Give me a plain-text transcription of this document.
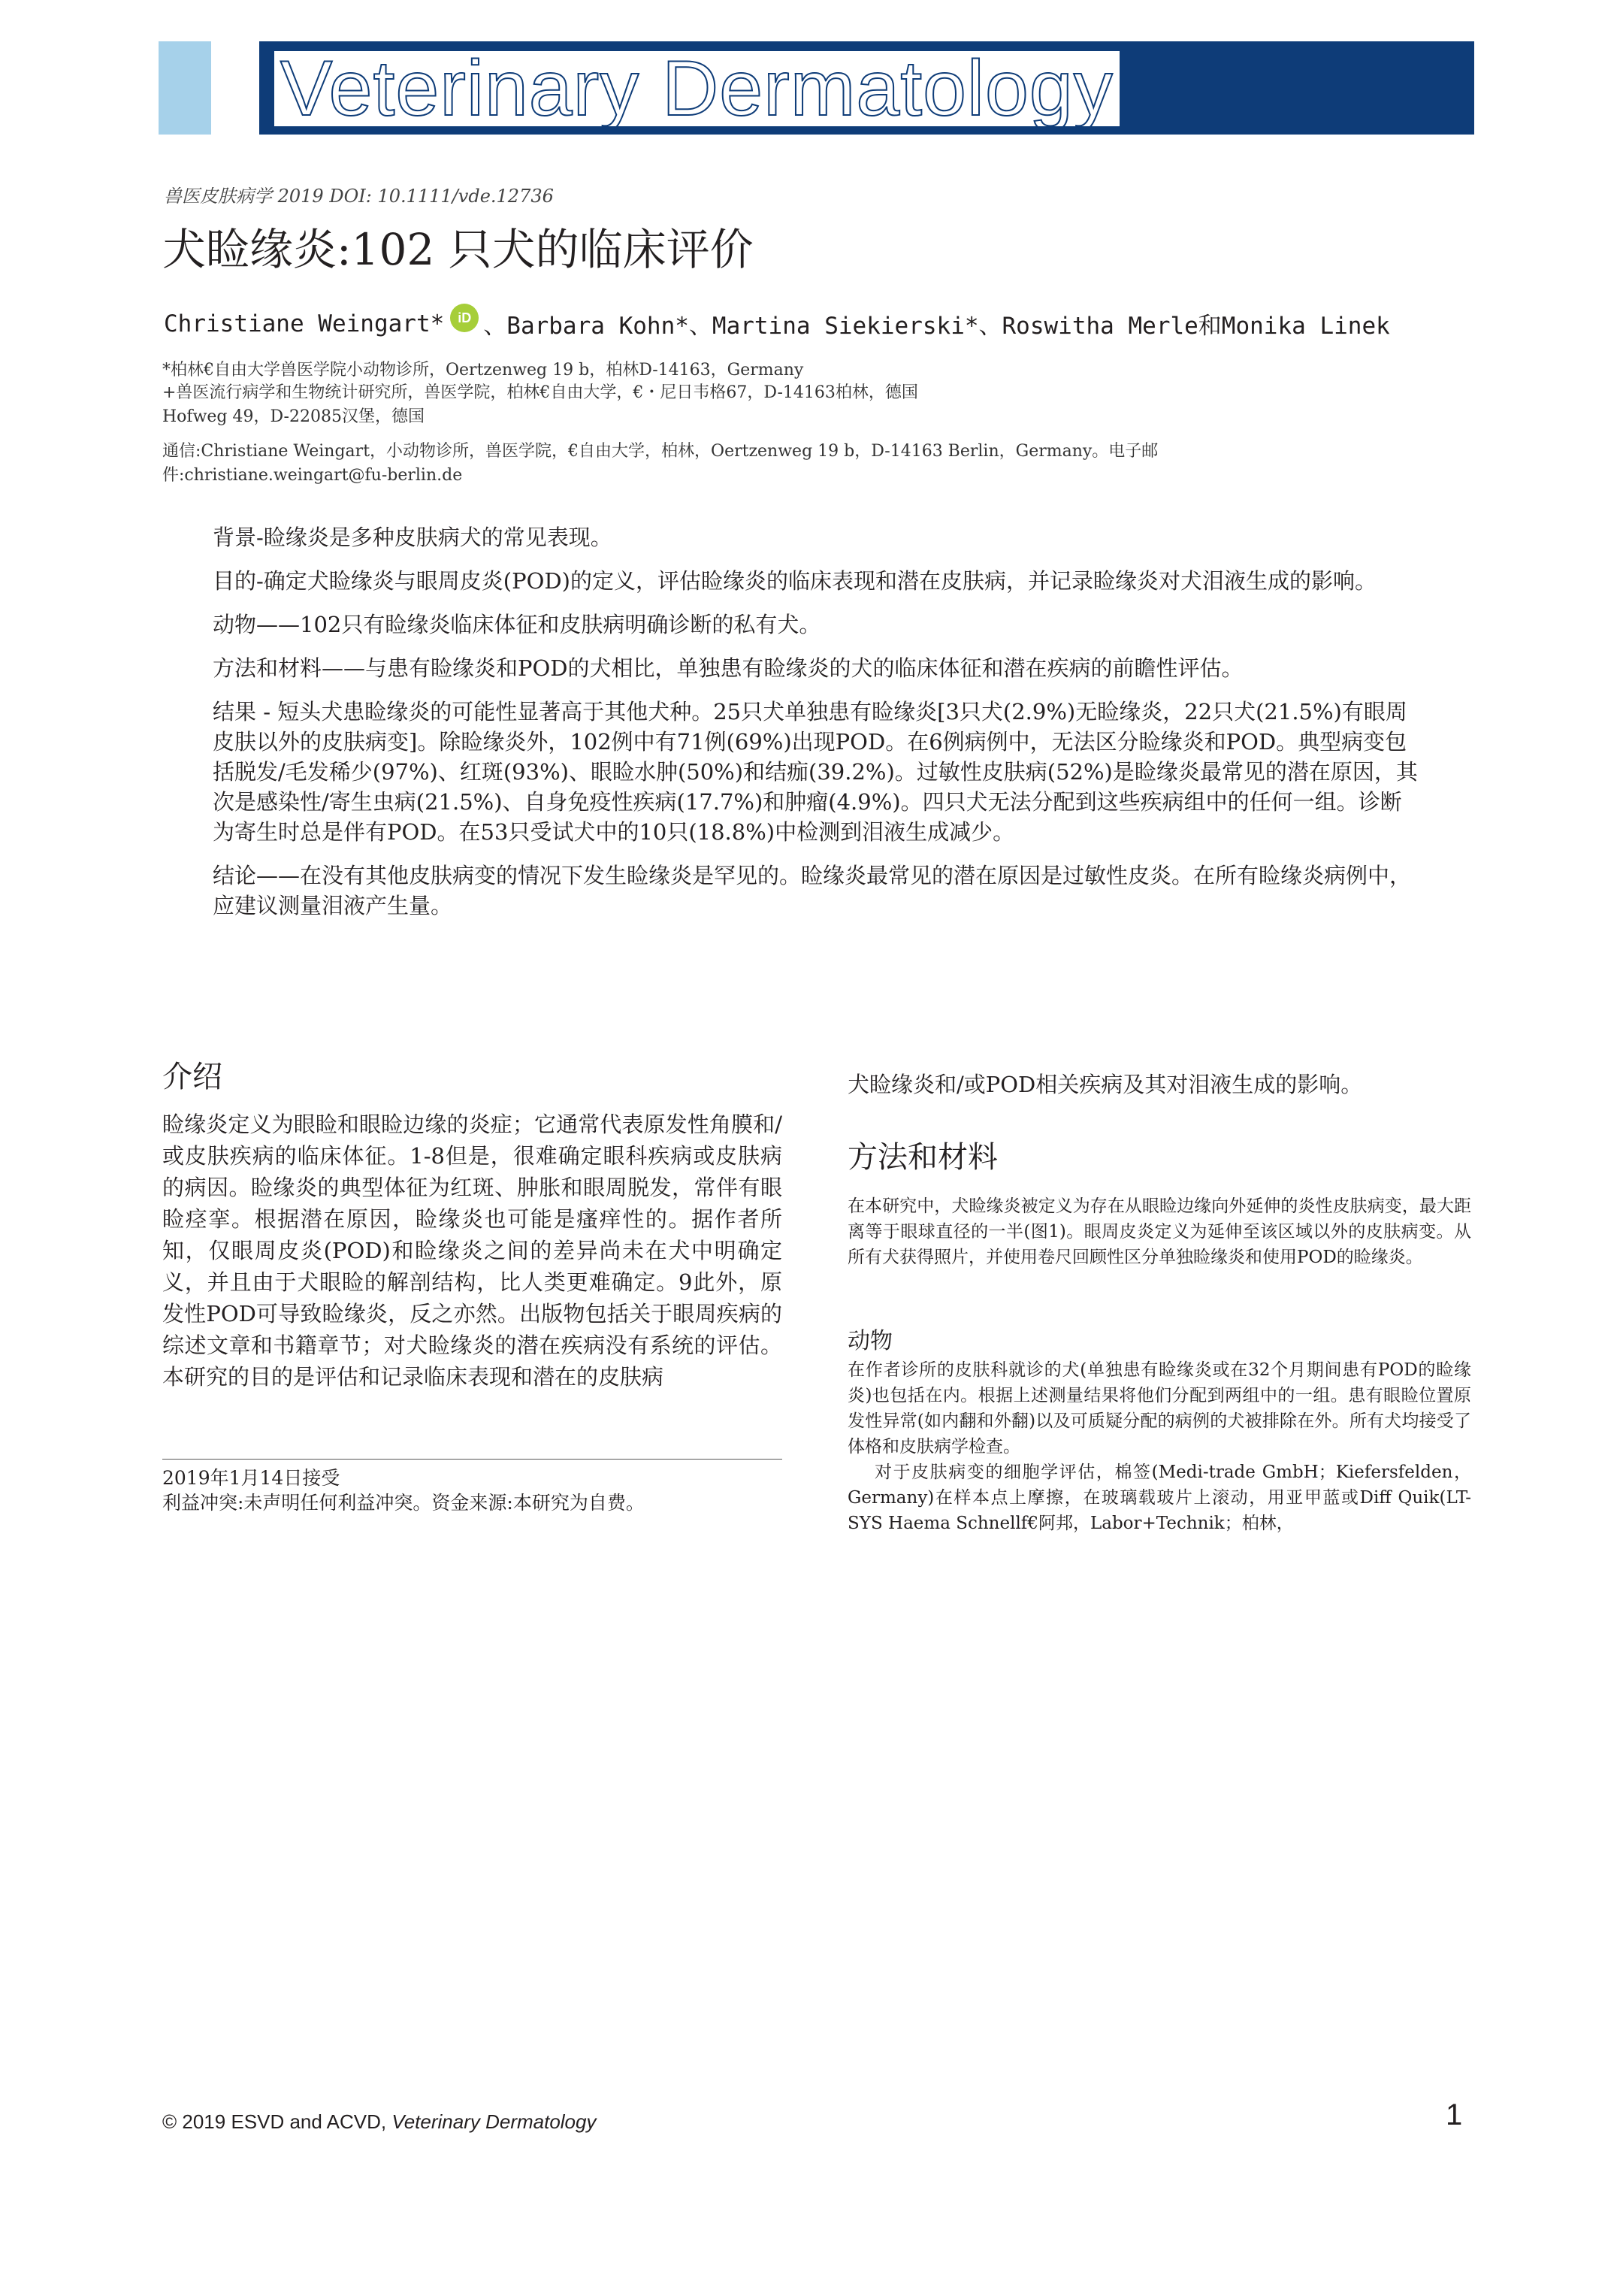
Veterinary Dermatology
兽医皮肤病学 2019 DOI: 10.1111/vde.12736
犬睑缘炎:102 只犬的临床评价
Christiane Weingart*	iD 、Barbara Kohn*、Martina Siekierski*、Roswitha Merle和Monika Linek
*柏林€自由大学兽医学院小动物诊所，Oertzenweg 19 b，柏林D-14163，Germany
+兽医流行病学和生物统计研究所，兽医学院，柏林€自由大学，€・尼日韦格67，D-14163柏林，德国
Hofweg 49，D-22085汉堡，德国
通信:Christiane Weingart，小动物诊所，兽医学院，€自由大学，柏林，Oertzenweg 19 b，D-14163 Berlin，Germany。电子邮件:christiane.weingart@fu-berlin.de

背景-睑缘炎是多种皮肤病犬的常见表现。

目的-确定犬睑缘炎与眼周皮炎(POD)的定义，评估睑缘炎的临床表现和潜在皮肤病，并记录睑缘炎对犬泪液生成的影响。

动物——102只有睑缘炎临床体征和皮肤病明确诊断的私有犬。

方法和材料——与患有睑缘炎和POD的犬相比，单独患有睑缘炎的犬的临床体征和潜在疾病的前瞻性评估。

结果 - 短头犬患睑缘炎的可能性显著高于其他犬种。25只犬单独患有睑缘炎[3只犬(2.9%)无睑缘炎，22只犬(21.5%)有眼周皮肤以外的皮肤病变]。除睑缘炎外，102例中有71例(69%)出现POD。在6例病例中，无法区分睑缘炎和POD。典型病变包括脱发/毛发稀少(97%)、红斑(93%)、眼睑水肿(50%)和结痂(39.2%)。过敏性皮肤病(52%)是睑缘炎最常见的潜在原因，其次是感染性/寄生虫病(21.5%)、自身免疫性疾病(17.7%)和肿瘤(4.9%)。四只犬无法分配到这些疾病组中的任何一组。诊断为寄生时总是伴有POD。在53只受试犬中的10只(18.8%)中检测到泪液生成减少。

结论——在没有其他皮肤病变的情况下发生睑缘炎是罕见的。睑缘炎最常见的潜在原因是过敏性皮炎。在所有睑缘炎病例中，应建议测量泪液产生量。

介绍

睑缘炎定义为眼睑和眼睑边缘的炎症；它通常代表原发性角膜和/或皮肤疾病的临床体征。1-8但是，很难确定眼科疾病或皮肤病的病因。睑缘炎的典型体征为红斑、肿胀和眼周脱发，常伴有眼睑痉挛。根据潜在原因，睑缘炎也可能是瘙痒性的。据作者所知，仅眼周皮炎(POD)和睑缘炎之间的差异尚未在犬中明确定义，并且由于犬眼睑的解剖结构，比人类更难确定。9此外，原发性POD可导致睑缘炎，反之亦然。出版物包括关于眼周疾病的综述文章和书籍章节；对犬睑缘炎的潜在疾病没有系统的评估。本研究的目的是评估和记录临床表现和潜在的皮肤病

2019年1月14日接受
利益冲突:未声明任何利益冲突。资金来源:本研究为自费。
犬睑缘炎和/或POD相关疾病及其对泪液生成的影响。
方法和材料
在本研究中，犬睑缘炎被定义为存在从眼睑边缘向外延伸的炎性皮肤病变，最大距离等于眼球直径的一半(图1)。眼周皮炎定义为延伸至该区域以外的皮肤病变。从所有犬获得照片，并使用卷尺回顾性区分单独睑缘炎和使用POD的睑缘炎。
动物

在作者诊所的皮肤科就诊的犬(单独患有睑缘炎或在32个月期间患有POD的睑缘炎)也包括在内。根据上述测量结果将他们分配到两组中的一组。患有眼睑位置原发性异常(如内翻和外翻)以及可质疑分配的病例的犬被排除在外。所有犬均接受了体格和皮肤病学检查。

对于皮肤病变的细胞学评估，棉签(Medi-trade GmbH；Kiefersfelden，Germany)在样本点上摩擦，在玻璃载玻片上滚动，用亚甲蓝或Diff Quik(LT-SYS Haema Schnellf€阿邦，Labor+Technik；柏林，

© 2019 ESVD and ACVD, Veterinary Dermatology	1
